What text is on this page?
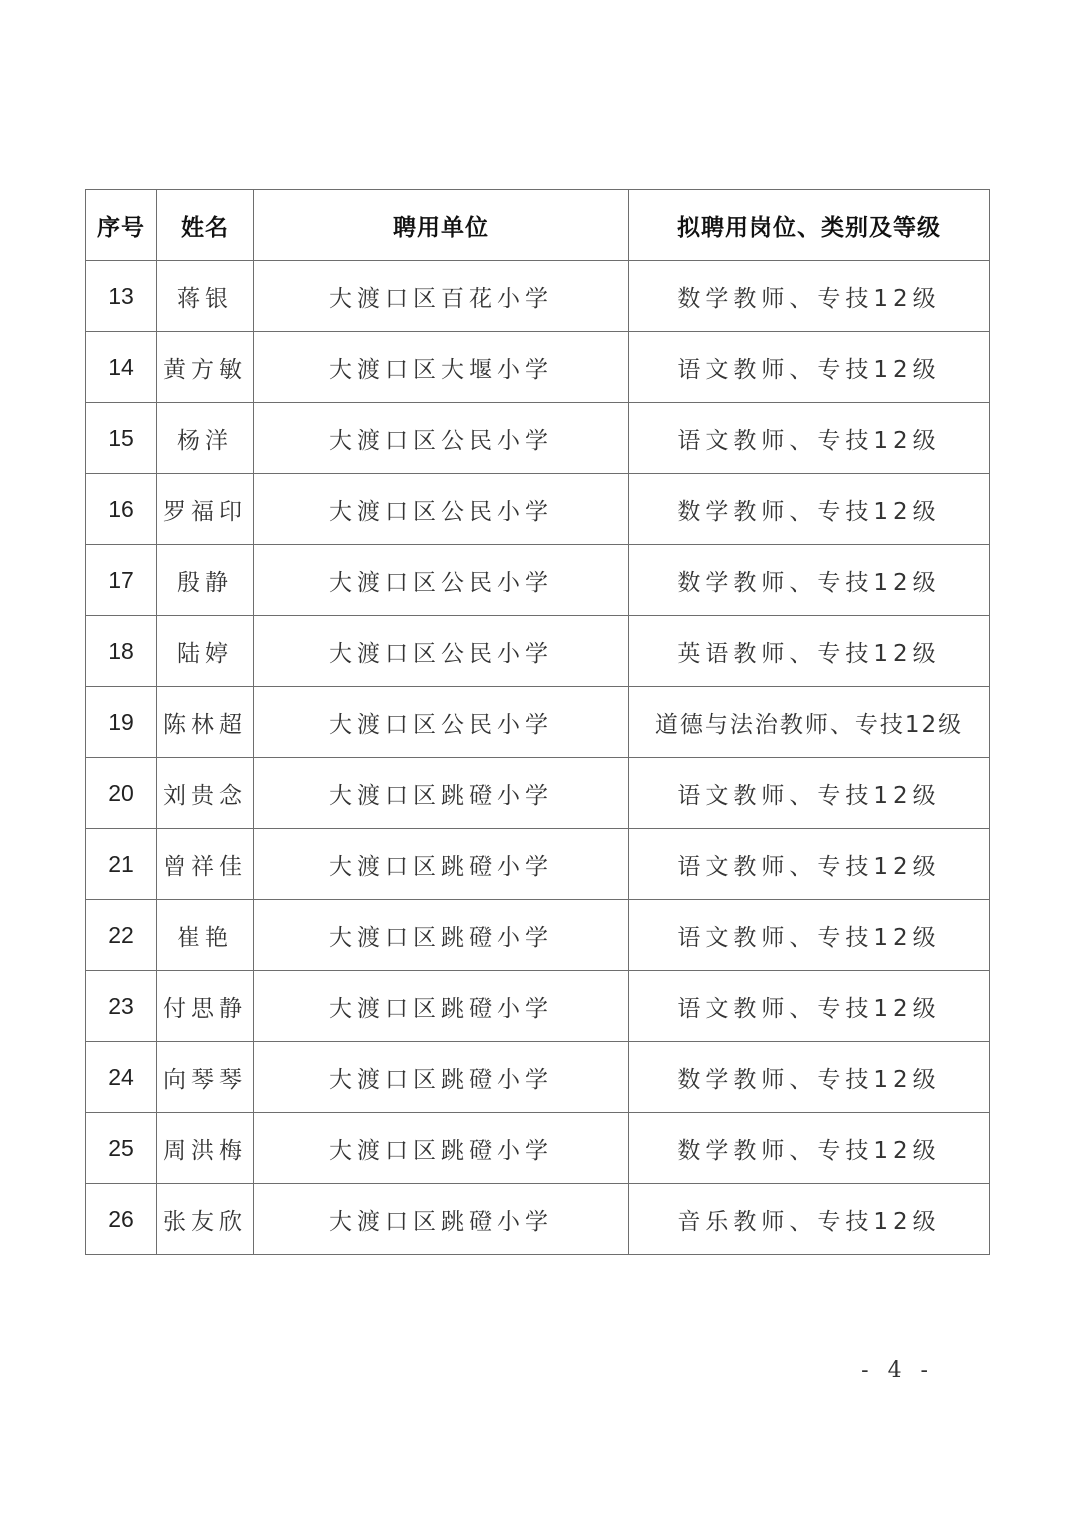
序号	姓名	聘用单位	拟聘用岗位、类别及等级
13	蒋银	大渡口区百花小学	数学教师、专技12级
14	黄方敏	大渡口区大堰小学	语文教师、专技12级
15	杨洋	大渡口区公民小学	语文教师、专技12级
16	罗福印	大渡口区公民小学	数学教师、专技12级
17	殷静	大渡口区公民小学	数学教师、专技12级
18	陆婷	大渡口区公民小学	英语教师、专技12级
19	陈林超	大渡口区公民小学	道德与法治教师、专技12级
20	刘贵念	大渡口区跳磴小学	语文教师、专技12级
21	曾祥佳	大渡口区跳磴小学	语文教师、专技12级
22	崔艳	大渡口区跳磴小学	语文教师、专技12级
23	付思静	大渡口区跳磴小学	语文教师、专技12级
24	向琴琴	大渡口区跳磴小学	数学教师、专技12级
25	周洪梅	大渡口区跳磴小学	数学教师、专技12级
26	张友欣	大渡口区跳磴小学	音乐教师、专技12级
- 4 -
